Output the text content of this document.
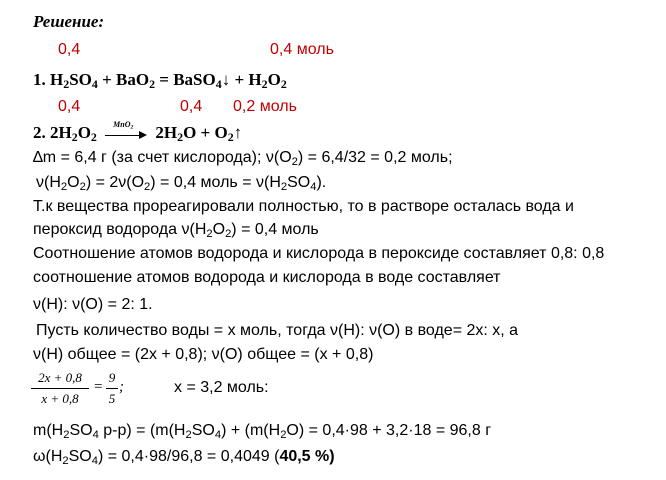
Решение:
0,4	0,4 моль
1. $H_2SO_4 + BaO_2$ = BaSO$_4$↓ + $H_2O_2$
0,4	0,4 0,2 моль
2. $2H_2O_2$
MnO$_2$ $2H_2O$ + $O_2↑$
∆m = 6,4 г (за счет кислорода); $\nu(O_2) = 6,4/32 = 0,2$ моль;
$\nu(H_2O_2) = 2\nu(O_2) = 0,4$ моль = $\nu(H_2SO_4)$.
Т.к вещества прореагировали полностью, то в растворе осталась вода и
пероксид водорода $\nu(H_2O_2) = 0,4$ моль
Соотношение атомов водорода и кислорода в пероксиде составляет 0,8: 0,8
соотношение атомов водорода и кислорода в воде составляет
ν(H): ν(O) = 2: 1.
Пусть количество воды = x моль, тогда ν(H): ν(O) в воде= 2x: x, а
ν(H) общее = (2x + 0,8); ν(O) общее = (x + 0,8)
2x + 0,8
x + 0,8
=
9
5
;	x = 3,2 моль:
$m(H_2SO_4$ $р-р) = (m(H_2SO_4) + (m(H_2O) = 0,4\cdot 98 + 3,2\cdot 18 = 96,8$ г
$\omega(H_2SO_4) = 0,4\cdot 98/96,8 = 0,4049$ (40,5 %)
